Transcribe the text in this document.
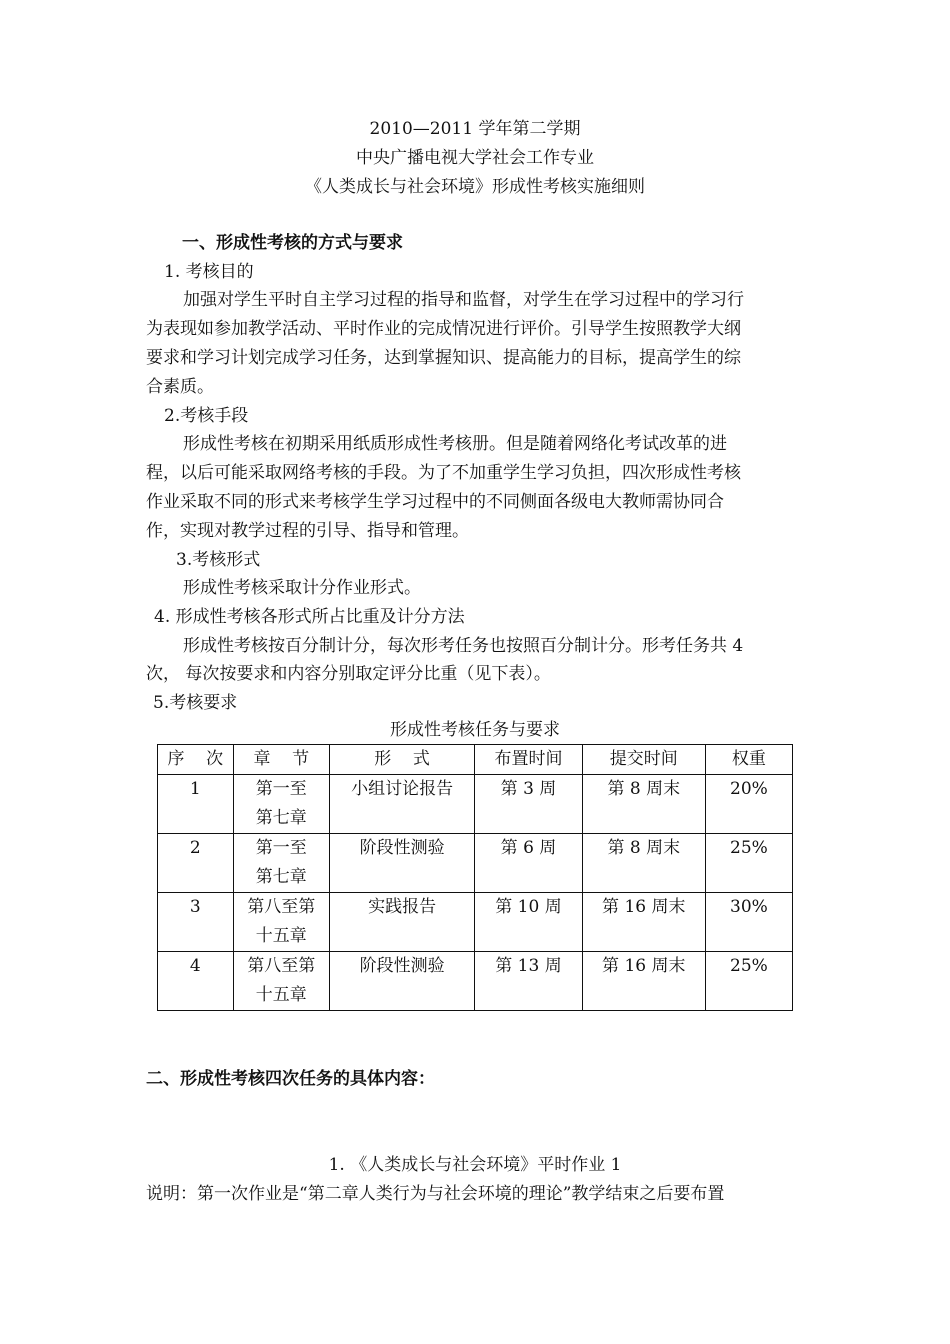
2010—2011 学年第二学期
中央广播电视大学社会工作专业
《人类成长与社会环境》形成性考核实施细则
一、形成性考核的方式与要求
1. 考核目的
加强对学生平时自主学习过程的指导和监督，对学生在学习过程中的学习行
为表现如参加教学活动、平时作业的完成情况进行评价。引导学生按照教学大纲
要求和学习计划完成学习任务，达到掌握知识、提高能力的目标，提高学生的综
合素质。
2.考核手段
形成性考核在初期采用纸质形成性考核册。但是随着网络化考试改革的进
程，以后可能采取网络考核的手段。为了不加重学生学习负担，四次形成性考核
作业采取不同的形式来考核学生学习过程中的不同侧面各级电大教师需协同合
作，实现对教学过程的引导、指导和管理。
3.考核形式
形成性考核采取计分作业形式。
4. 形成性考核各形式所占比重及计分方法
形成性考核按百分制计分，每次形考任务也按照百分制计分。形考任务共 4
次， 每次按要求和内容分别取定评分比重（见下表）。
5.考核要求
形成性考核任务与要求
序    次	章    节	形    式	布置时间	提交时间	权重
1	第一至
第七章	小组讨论报告	第 3 周	第 8 周末	20%
2	第一至
第七章	阶段性测验	第 6 周	第 8 周末	25%
3	第八至第
十五章	实践报告	第 10 周	第 16 周末	30%
4	第八至第
十五章	阶段性测验	第 13 周	第 16 周末	25%
二、形成性考核四次任务的具体内容：
1. 《人类成长与社会环境》平时作业 1
说明：第一次作业是“第二章人类行为与社会环境的理论”教学结束之后要布置
